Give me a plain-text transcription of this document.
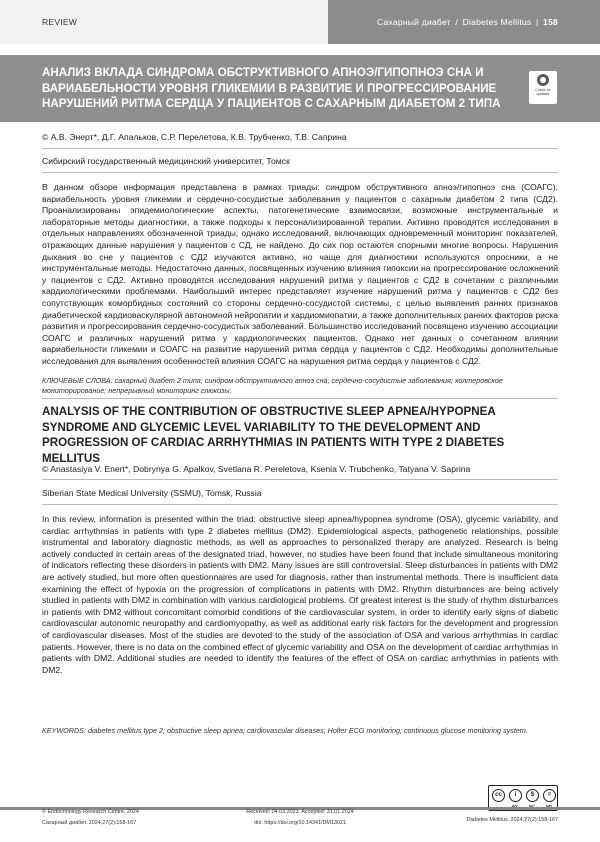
REVIEW	Сахарный диабет / Diabetes Mellitus | 158
АНАЛИЗ ВКЛАДА СИНДРОМА ОБСТРУКТИВНОГО АПНОЭ/ГИПОПНОЭ СНА И ВАРИАБЕЛЬНОСТИ УРОВНЯ ГЛИКЕМИИ В РАЗВИТИЕ И ПРОГРЕССИРОВАНИЕ НАРУШЕНИЙ РИТМА СЕРДЦА У ПАЦИЕНТОВ С САХАРНЫМ ДИАБЕТОМ 2 ТИПА
Check for updates
© А.В. Энерт*, Д.Г. Апальков, С.Р. Перелетова, К.В. Трубченко, Т.В. Саприна
Сибирский государственный медицинский университет, Томск
В данном обзоре информация представлена в рамках триады: синдром обструктивного апноэ/гипопноэ сна (СОАГС), вариабельность уровня гликемии и сердечно-сосудистые заболевания у пациентов с сахарным диабетом 2 типа (СД2). Проанализированы эпидемиологические аспекты, патогенетические взаимосвязи, возможные инструментальные и лабораторные методы диагностики, а также подходы к персонализированной терапии. Активно проводятся исследования в отдельных направлениях обозначенной триады, однако исследований, включающих одновременный мониторинг показателей, отражающих данные нарушения у пациентов с СД, не найдено. До сих пор остаются спорными многие вопросы. Нарушения дыхания во сне у пациентов с СД2 изучаются активно, но чаще для диагностики используются опросники, а не инструментальные методы. Недостаточно данных, посвященных изучению влияния гипоксии на прогрессирование осложнений у пациентов с СД2. Активно проводятся исследования нарушений ритма у пациентов с СД2 в сочетании с различными кардиологическими проблемами. Наибольший интерес представляет изучение нарушений ритма у пациентов с СД2 без сопутствующих коморбидных состояний со стороны сердечно-сосудистой системы, с целью выявления ранних признаков диабетической кардиоваскулярной автономной нейропатии и кардиомиопатии, а также дополнительных ранних факторов риска развития и прогрессирования сердечно-сосудистых заболеваний. Большинство исследований посвящено изучению ассоциации СОАГС и различных нарушений ритма у кардиологических пациентов. Однако нет данных о сочетанном влиянии вариабельности гликемии и СОАГС на развитие нарушений ритма сердца у пациентов с СД2. Необходимы дополнительные исследования для выявления особенностей влияния СОАГС на нарушения ритма сердца у пациентов с СД2.
КЛЮЧЕВЫЕ СЛОВА: сахарный диабет 2 типа; синдром обструктивного апноэ сна; сердечно-сосудистые заболевания; холтеровское мониторирование; непрерывный мониторинг глюкозы.
ANALYSIS OF THE CONTRIBUTION OF OBSTRUCTIVE SLEEP APNEA/HYPOPNEA SYNDROME AND GLYCEMIC LEVEL VARIABILITY TO THE DEVELOPMENT AND PROGRESSION OF CARDIAC ARRHYTHMIAS IN PATIENTS WITH TYPE 2 DIABETES MELLITUS
© Anastasiya V. Enert*, Dobrynya G. Apalkov, Svetlana R. Pereletova, Ksenia V. Trubchenko, Tatyana V. Saprina
Siberian State Medical University (SSMU), Tomsk, Russia
In this review, information is presented within the triad: obstructive sleep apnea/hypopnea syndrome (OSA), glycemic variability, and cardiac arrhythmias in patients with type 2 diabetes mellitus (DM2). Epidemiological aspects, pathogenetic relationships, possible instrumental and laboratory diagnostic methods, as well as approaches to personalized therapy are analyzed. Research is being actively conducted in certain areas of the designated triad, however, no studies have been found that include simultaneous monitoring of indicators reflecting these disorders in patients with DM2. Many issues are still controversial. Sleep disturbances in patients with DM2 are actively studied, but more often questionnaires are used for diagnosis, rather than instrumental methods. There is insufficient data examining the effect of hypoxia on the progression of complications in patients with DM2. Rhythm disturbances are being actively studied in patients with DM2 in combination with various cardiological problems. Of greatest interest is the study of rhythm disturbances in patients with DM2 without concomitant comorbid conditions of the cardiovascular system, in order to identify early signs of diabetic cardiovascular autonomic neuropathy and cardiomyopathy, as well as additional early risk factors for the development and progression of cardiovascular diseases. Most of the studies are devoted to the study of the association of OSA and various arrhythmias in cardiac patients. However, there is no data on the combined effect of glycemic variability and OSA on the development of cardiac arrhythmias in patients with DM2. Additional studies are needed to identify the features of the effect of OSA on cardiac arrhythmias in patients with DM2.
KEYWORDS: diabetes mellitus type 2; obstructive sleep apnea; cardiovascular diseases; Holter ECG monitoring; continuous glucose monitoring system.
cc	i	$	=
© Endocrinology Research Centre, 2024
Сахарный диабет. 2024;27(2):158-167
Received: 04.03.2023. Accepted: 31.01.2024
doi: https://doi.org/10.14341/DM13021	Diabetes Mellitus. 2024;27(2):158-167
